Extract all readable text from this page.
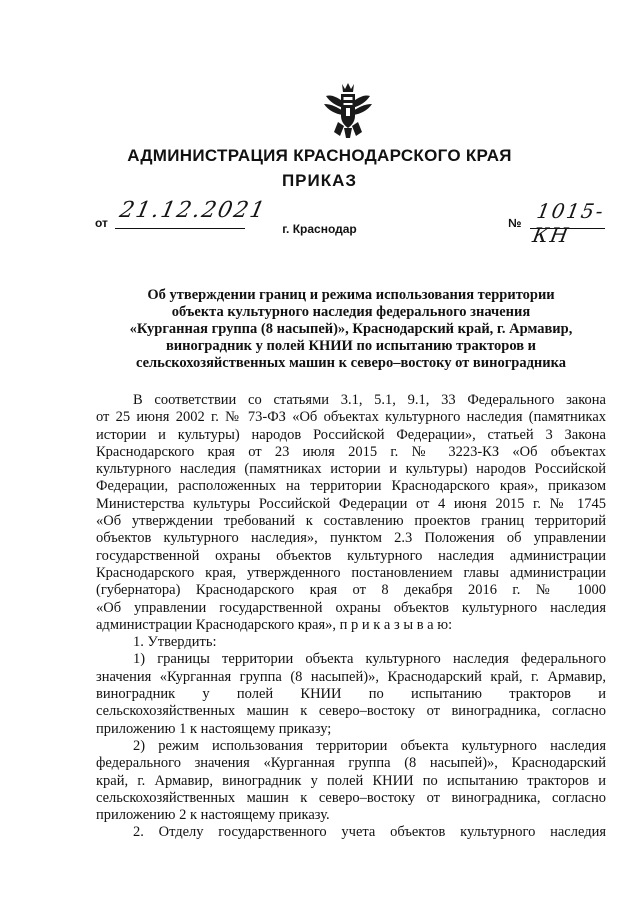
АДМИНИСТРАЦИЯ КРАСНОДАРСКОГО КРАЯ
ПРИКАЗ
от 21.12.2021
г. Краснодар	№ 1015-КН
Об утверждении границ и режима использования территории
объекта культурного наследия федерального значения
«Курганная группа (8 насыпей)», Краснодарский край, г. Армавир,
виноградник у полей КНИИ по испытанию тракторов и
сельскохозяйственных машин к северо–востоку от виноградника
В соответствии со статьями 3.1, 5.1, 9.1, 33 Федерального закона
от 25 июня 2002 г. № 73-ФЗ «Об объектах культурного наследия (памятниках
истории и культуры) народов Российской Федерации», статьей 3 Закона
Краснодарского края от 23 июля 2015 г. № 3223-КЗ «Об объектах
культурного наследия (памятниках истории и культуры) народов Российской
Федерации, расположенных на территории Краснодарского края», приказом
Министерства культуры Российской Федерации от 4 июня 2015 г. № 1745
«Об утверждении требований к составлению проектов границ территорий
объектов культурного наследия», пунктом 2.3 Положения об управлении
государственной охраны объектов культурного наследия администрации
Краснодарского края, утвержденного постановлением главы администрации
(губернатора) Краснодарского края от 8 декабря 2016 г. № 1000
«Об управлении государственной охраны объектов культурного наследия
администрации Краснодарского края», п р и к а з ы в а ю:
1. Утвердить:
1) границы территории объекта культурного наследия федерального
значения «Курганная группа (8 насыпей)», Краснодарский край, г. Армавир,
виноградник у полей КНИИ по испытанию тракторов и
сельскохозяйственных машин к северо–востоку от виноградника, согласно
приложению 1 к настоящему приказу;
2) режим использования территории объекта культурного наследия
федерального значения «Курганная группа (8 насыпей)», Краснодарский
край, г. Армавир, виноградник у полей КНИИ по испытанию тракторов и
сельскохозяйственных машин к северо–востоку от виноградника, согласно
приложению 2 к настоящему приказу.
2. Отделу государственного учета объектов культурного наследия
